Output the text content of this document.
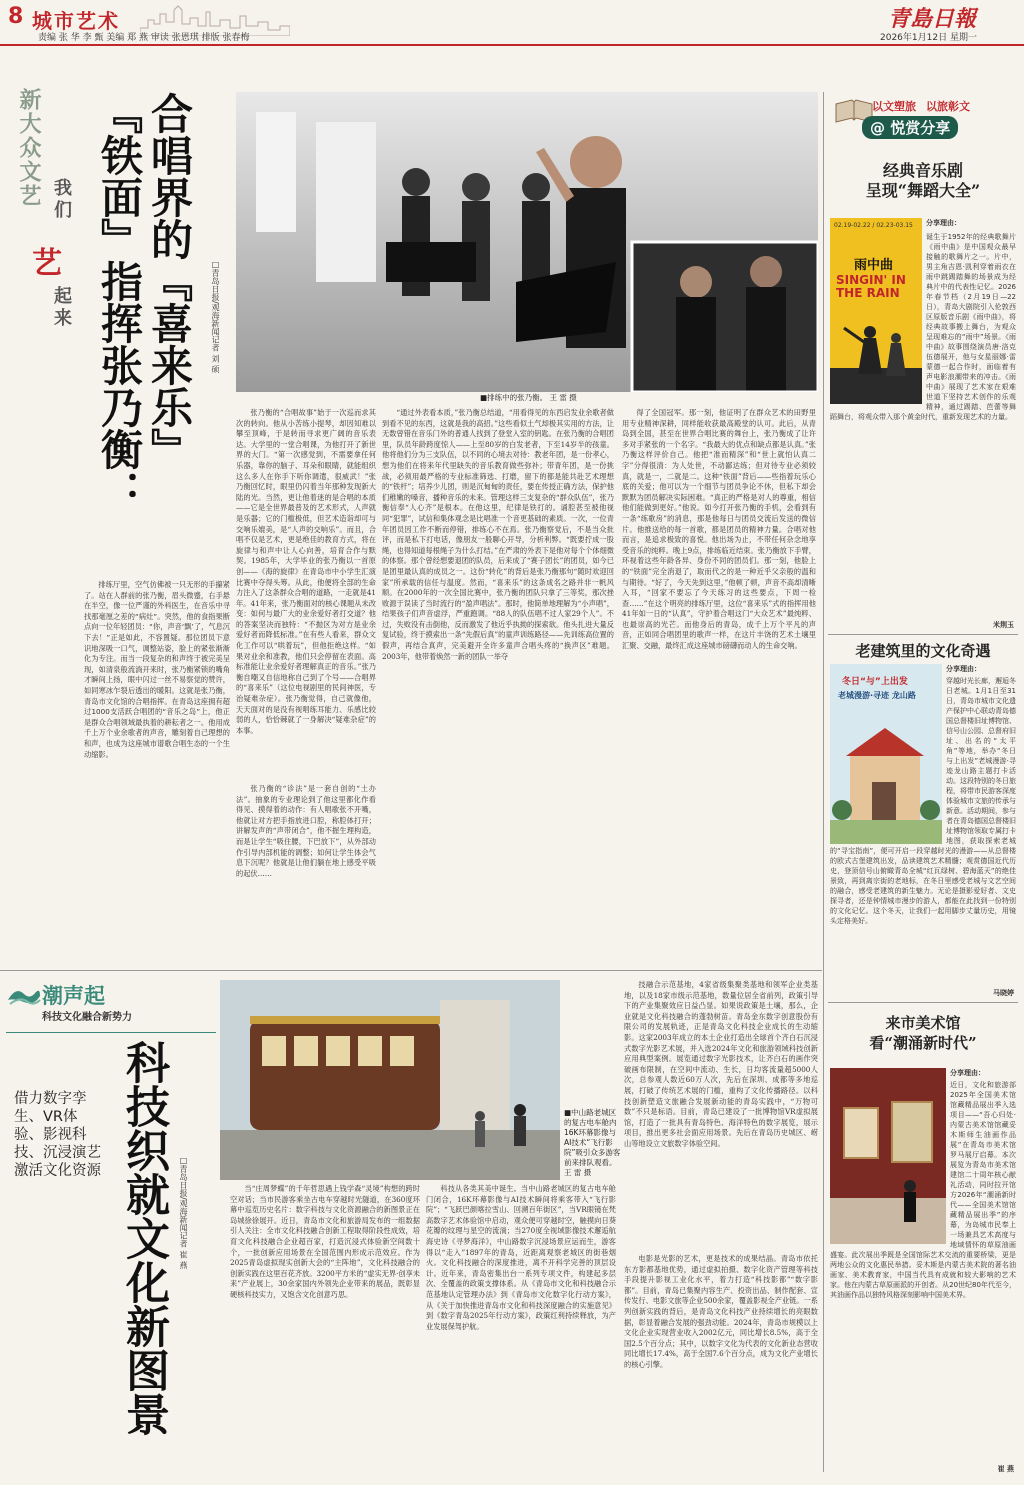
8 城市艺术	青島日報
责编 张 华 李 甄 美编 郑 燕 审读 张恩琪 排版 张春梅	2026年1月12日 星期一
新大众文艺 我们
艺
起来 合唱界的『喜来乐』
『铁面』指挥张乃衡：	□青岛日报/观海新闻记者 刘 硕
■排练中的张乃衡。 王 雷 摄

排练厅里，空气仿佛被一只无形的手攥紧了。站在人群前的张乃衡，眉头微蹙，右手悬在半空，像一位严谨的外科医生，在音乐中寻找那毫厘之差的“病灶”。突然，他的食指果断点向一位年轻团员：“你，声音‘飘’了，气息沉下去！”正是如此，不容置疑。那位团员下意识地深吸一口气，调整站姿，脸上的紧张渐渐化为专注。而当一段复杂的和声终于被完美呈现，如清泉般流淌开来时，张乃衡紧锁的嘴角才瞬间上扬，眼中闪过一丝不易察觉的赞许，如同寒冰乍裂后透出的暖阳。这就是张乃衡，青岛市文化馆的合唱指挥。在青岛这座拥有超过1000支活跃合唱团的“音乐之岛”上，他正是群众合唱领域最执着的耕耘者之一。他用成千上万个业余歌者的声音，雕刻着自己理想的和声，也成为这座城市谱歌合唱生态的一个生动缩影。

张乃衡的“合唱故事”始于一次巡而求其次的转向。他从小苦练小提琴，却因知难以攀至顶峰，于是转而寻求更广阔的音乐表达。大学里的一堂合唱课，为他打开了新世界的大门。“第一次感觉到，不需要拿任何乐器，靠你的脑子、耳朵和眼睛，就能组织这么多人在你手下听你调遣，很威武！”张乃衡回忆时，眼里仍闪着当年那种发现新大陆的光。当然，更让他着迷的是合唱的本质——它是全世界最普及的艺术形式，人声就是乐器；它的门槛极低，但艺术造诣却可与交响乐媲美，是“人声的交响乐”。而且，合唱不仅是艺术，更是绝佳的教育方式，将在旋律与和声中让人心向善，培育合作与默契。1985年，大学毕业的张乃衡以一首原创——《海的旋律》在青岛市中小学生汇演比赛中夺得头筹。从此，他便将全部的生命力注入了这条群众合唱的道路，一走就是41年。41年来，张乃衡面对的核心课题从未改变：如何与最广大的业余爱好者打交道？他的答案坚决而独特：“不抛区为对方是业余爱好者而降低标准。”在有些人看来，群众文化工作可以“哄着玩”，但他拒绝这样。“如果对业余和准教，他们只会停留在表面。高标准能让业余爱好者理解真正的音乐。”张乃衡自嘲又自信地称自己到了个号——合唱界的“喜来乐”（这位电视剧里的民间神医，专治疑难杂症）。张乃衡觉得，自己就像他，天天面对的是没有视唱练耳能力、乐感比较弱的人，恰恰棘就了一身解决“疑难杂症”的本事。

张乃衡的“诊法”是一套自创的“土办法”。抽象的专业理论到了他这里都化作看得见、摸得着的动作：有人唱歌张不开嘴，他就让对方把手指放进口腔，称腔体打开；讲解发声的“声带闭合”，他不握生理构造，而是让学生“吸住腰，下巴放下”，从外部动作引导内部机能的调整；如何让学生体会气息下沉呢？他就是让他们躺在地上感受平吸的起伏……

“通过外表看本质，”张乃衡总结道，“用看得见的东西启发业余歌者做到看不见的东西，这就是我的高招。”这些看似土气却极其实用的方法，让无数曾错在音乐门外的普通人找到了登堂入室的钥匙。在张乃衡的合唱团里，队员年龄跨度惊人——上至80岁的白发老者，下至14岁半的孩童。他将他们分为三支队伍，以不同的心境去对待：教老年团，是一份孝心，想为他们在将来年代里缺失的音乐教育做些弥补；带青年团，是一份挑战，必须用最严格的专业标准筛选、打磨，留下的都是能共赴艺术理想的“铁杆”；培养少儿团，则是沉甸甸的责任，要在传授正确方法，保护他们稚嫩的嗓音，播种音乐的未来。管理这样三支复杂的“群众队伍”，张乃衡信奉“人心齐”是根本。在他这里，纪律是铁打的。诵腔甚至被他视同“犯罪”，试信和集体观念是比唱准一个音更基础的素质。一次，一位青年团员因工作不断而停错，排练心不在焉。张乃衡察觉后，不是当众批评，而是私下打电话，像朋友一般聊心开导，分析利弊。“既要拧成一股绳，也得知道每根绳子为什么打结。”在严肃的外表下是他对每个个体细微的体察。那个曾经想要退团的队员，后来成了“赛子团长”的团员，如今已是团里最认真的成员之一。这份“转化”的背后是张乃衡那句“随时欢迎回家”所承载的信任与温度。然而，“喜来乐”的这条成名之路并非一帆风顺。在2000年的一次全国比赛中，张乃衡的团队只拿了三等奖，那次挫败源于误读了当时流行的“盈声唱法”。那时，他简单地理解为“小声唱”，结果孩子们声音虚浮，严重跑调。“88人的队伍唱不过人家29个人”。不过，失败没有击倒他，反而激发了他近乎执拗的探索欲。他头扎进大量反复试验，终于摸索出一条“先假后真”的童声训练路径——先训练高位置的假声，再结合真声，完美避开全许多童声合唱头疼的“换声区”难题。2003年，他带着焕然一新的团队一举夺

得了全国冠军。那一刻，他证明了在群众艺术的田野里用专业精神深耕，同样能收获最高殿堂的认可。此后，从青岛到全国，甚至在世界合唱比赛的舞台上，张乃衡成了让许多对手紧张的一个名字。“我最大的优点和缺点都是认真。”张乃衡这样评价自己。他把“准而精深”和“世上就怕认真二字”分得很清：为人处世，不动鄙达练；但对待专业必须较真，就是一，二就是二。这种“铁面”背后——些指着玩乐心底的关爱；他可以为一个细节与团员争论不休，但私下却会默默为团员解决实际困难。“真正的严格是对人的尊重，相信他们能做到更好。”他说。如今打开张乃衡的手机，会看到有一条“练歌房”的消息，那是他每日与团员交流后发送的微信片。他推送给的每一首歌，都是团员的精神力量。合唱对他而言，是追求极致的喜悦。他出场为止，不带任何杂念地享受音乐的纯粹。晚上9点，排练临近结束。张乃衡放下手臂，环视着这些年龄各异、身份不同的团员们。那一刻，他脸上的“铁面”完全消退了，取而代之的是一种近乎父亲般的温和与期待。“好了，今天先到这里，”他顿了顿，声音不高却清晰入耳，“回家不要忘了今天练习的这些要点，下周一检查……”在这个明亮的排练厅里，这位“喜来乐”式的指挥用他41年如一日的“认真”，守护着合唱这门“大众艺术”最纯粹、也最崇高的光芒。而他身后的青岛，成千上万个平凡的声音，正如同合唱团里的歌声一样，在这片丰饶的艺术土壤里汇聚、交融，最终汇成这座城市磅礴而动人的生命交响。

以文塑旅 以旅彰文
@ 悦赏分享
经典音乐剧
呈现“舞蹈大全”
02.19-02.22 / 02.23-03.15
雨中曲
SINGIN' IN THE RAIN
分享理由：
诞生于1952年的经典歌舞片《雨中曲》是中国观众最早接触的歌舞片之一。片中，男主角吉恩·凯利穿着雨衣在雨中跳踢踏舞的场景成为经典片中的代表性记忆。2026年春节档（2月19日—22日），青岛大剧院引入伦敦西区原版音乐剧《雨中曲》，将经典故事搬上舞台，为观众呈现难忘的“雨中”场景。《雨中曲》故事围绕演员唐·洛克伍德展开，他与女星丽娜·雷蒙德一起合作时，面临着有声电影浪潮带来的冲击。《雨中曲》展现了艺术家在艰难世道下坚持艺术创作的乐观精神，通过踢踏、芭蕾等舞蹈舞台，将观众带入那个黄金时代，重新发现艺术的力量。
米荆玉
老建筑里的文化奇遇
冬日“与”上出发
老城漫游·寻迹 龙山路
分享理由：
穿越时光长廊，邂逅冬日老城。1月1日至31日，青岛市城市文化遗产保护中心联动青岛德国总督楼旧址博物馆、信号山公园、总督府旧址、出名的“太平角”等地，举办“冬日与上出发”老城漫游·寻迹龙山路主题打卡活动。这段特别的冬日旅程，将带市民游客深度体验城市文旅的传承与新意。活动期间，参与者在青岛德国总督楼旧址博物馆领取专属打卡地图，获取探索老城的“寻宝指南”，便可开启一段穿越时光的漫游——从总督楼的欧式古堡建筑出发，品读建筑艺术精髓；观赏德国近代历史，登顶信号山俯瞰青岛全城“红瓦绿树、碧海蓝天”的绝佳景致，再到离宗街的老地标，在冬日里感受老城与文艺空间的融合，感受老建筑的新生魅力。无论是摄影爱好者、文史探寻者，还是钟情城市漫步的游人，都能在此找到一份特别的文化记忆。这个冬天，让我们一起用脚步丈量历史，用镜头定格美好。
马晓婷
来市美术馆
看“潮涌新时代”
分享理由：
近日，文化和旅游部2025年全国美术馆馆藏精品展出季入选项目——“吾心归处·内蒙古美术馆馆藏妥木斯师生油画作品展”在青岛市美术馆罗马展厅启幕。本次展览为青岛市美术馆建馆二十周年核心献礼活动，同时拉开馆方2026年“潮涌新时代——全国美术馆馆藏精品展出季”的序幕，为岛城市民奉上一场兼具艺术高度与地域情怀的草原油画盛宴。此次展出季既是全国馆际艺术交流的重要桥梁，更是两地公众的文化惠民举措。妥木斯是内蒙古美术院的著名油画家、美术教育家，中国当代具有成就和较大影响的艺术家。他在内蒙古草原画派的开创者。从20世纪80年代至今，其油画作品以独特风格深刻影响中国美术界。
崔 燕
潮声起
科技文化融合新势力
借力数字孪生、VR体验、影视科技、沉浸演艺激活文化资源 科技织就文化新图景 □青岛日报/观海新闻记者 崔 燕
■中山路老城区的复古电车舱内16K环幕影像与AI技术“飞行影院”吸引众多游客前来排队观看。 王 雷 摄

当“庄周梦蝶”的千年哲思遇上钱学森“灵境”构想的跨时空对话；当市民游客乘坐古电车穿越时光隧道，在360度环幕中巡览历史名片：数字科技与文化资源融合的新图景正在岛城徐徐展开。近日，青岛市文化和旅游局发布的一组数据引人关注：全市文化科技融合创新工程取得阶段性成效，培育文化科技融合企业超百家，打造沉浸式体验新空间数十个，一批创新应用场景在全国范围内形成示范效应。作为2025青岛虚拟现实创新大会的“主阵地”，文化科技融合的创新实践在这里百花齐放。3200平方米的“虚实无界·创享未来”产业展上，30余家国内外领先企业带来的展品，既彰显硬核科技实力，又饱含文化创意巧思。

科技从各类其美中诞生。当中山路老城区的复古电车舱门闭合，16K环幕影像与AI技术瞬间将乘客带入“飞行影院”；“飞跃巴颜喀拉雪山、回溯百年街区”，当VR眼镜在梵高数字艺术体验馆中启动，观众便可穿越时空，触摸向日葵花瓣的纹理与星空的流淌；当270度全视域影像技术邂逅航海史诗《寻梦海洋》，中山路数字沉浸场景应运而生，游客得以“走入”1897年的青岛，近距离观察老城区的街巷烟火。文化科技融合的深度推进，离不开科学完善的顶层设计。近年来，青岛密集出台一系列专项文件，构建起多层次、全覆盖的政策支撑体系。从《青岛市文化和科技融合示范基地认定管理办法》到《青岛市文化数字化行动方案》，从《关于加快推进青岛市文化和科技深度融合的实施意见》到《数字青岛2025年行动方案》，政策红利持续释放，为产业发展保驾护航。

技融合示范基地，4家省级集聚类基地和领军企业类基地，以及18家市级示范基地，数量位居全省前列，政策引导下的产业集聚效应日益凸显。如果说政策是土壤，那么，企业就是文化科技融合的蓬勃树苗。青岛金东数字创意股份有限公司的发展轨迹，正是青岛文化科技企业成长的生动缩影。这家2003年成立的本土企业打造出全球首个齐白石沉浸式数字光影艺术展，并入选2024年文化和旅游领域科技创新应用典型案例。展览通过数字光影技术，让齐白石的画作突破画布限制，在空间中流动、生长，日均客流量超5000人次，总参观人数近60万人次，先后在深圳、成都等多地巡展，打破了传统艺术展的门槛，重构了文化传播路径。以科技创新塑造文旅融合发展新动能的青岛实践中，“万物可数”不只是标语。目前，青岛已建设了一批博物馆VR虚拟展馆，打造了一批具有青岛特色、海洋特色的数字展览，展示项目，推出更多社会面应用场景。先后在青岛历史城区、崂山等地设立文旅数字体验空间。

电影是光影的艺术，更是技术的成果结晶。青岛市依托东方影都基地优势，通过虚拟拍摄、数字化资产管理等科技手段提升影视工业化水平，着力打造“科技影都”“数字影都”。目前，青岛已集聚内容生产、投资出品、制作配套、宣传发行、电影文旅等企业500余家，覆盖影视全产业链。一系列创新实践的背后，是青岛文化科技产业持续增长的亮眼数据，彰显着融合发展的强劲动能。2024年，青岛市规模以上文化企业实现营业收入2002亿元，同比增长8.5%，高于全国2.5个百分点；其中，以数字文化为代表的文化新业态营收同比增长17.4%，高于全国7.6个百分点，成为文化产业增长的核心引擎。
